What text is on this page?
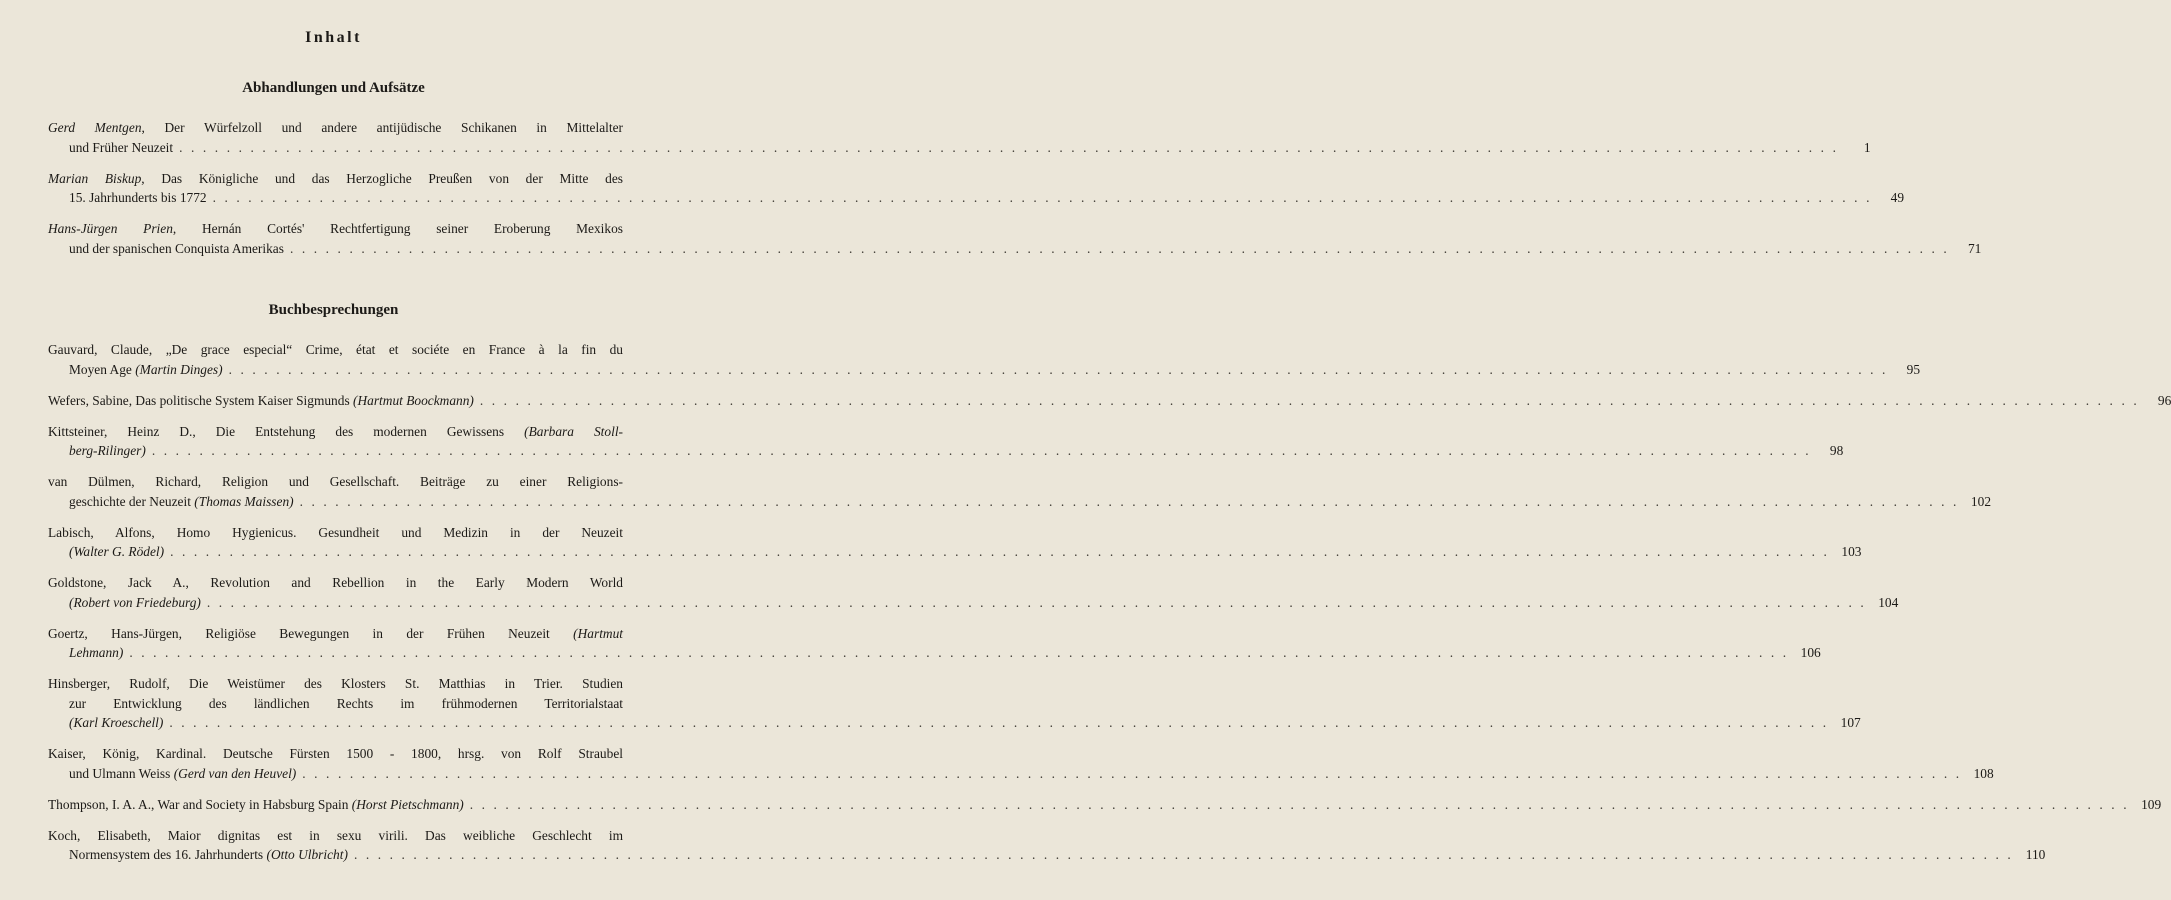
Inhalt
Abhandlungen und Aufsätze
Gerd Mentgen, Der Würfelzoll und andere antijüdische Schikanen in Mittelalter
und Früher Neuzeit . . . . . . . . . . . . . . . . . . . . . . . . . . . . . . . . . . . . . . . . . . . . . . . . . . . . . . . . . . . . . . . . . . . . . . . . . . . . . . . . . . . . . . . . . . . . . . . . . . . . . . . . . . . . . . . . . . . . . . . . . . . . . . . . . . . . . . . . . . . .	1
Marian Biskup, Das Königliche und das Herzogliche Preußen von der Mitte des
15. Jahrhunderts bis 1772 . . . . . . . . . . . . . . . . . . . . . . . . . . . . . . . . . . . . . . . . . . . . . . . . . . . . . . . . . . . . . . . . . . . . . . . . . . . . . . . . . . . . . . . . . . . . . . . . . . . . . . . . . . . . . . . . . . . . . . . . . . . . . . . . . . . . . . . . . . . .	49
Hans-Jürgen Prien, Hernán Cortés' Rechtfertigung seiner Eroberung Mexikos
und der spanischen Conquista Amerikas . . . . . . . . . . . . . . . . . . . . . . . . . . . . . . . . . . . . . . . . . . . . . . . . . . . . . . . . . . . . . . . . . . . . . . . . . . . . . . . . . . . . . . . . . . . . . . . . . . . . . . . . . . . . . . . . . . . . . . . . . . . . . . . . . . . . . . . . . . . .	71
Buchbesprechungen
Gauvard, Claude, „De grace especial“ Crime, état et sociéte en France à la fin du
Moyen Age (Martin Dinges) . . . . . . . . . . . . . . . . . . . . . . . . . . . . . . . . . . . . . . . . . . . . . . . . . . . . . . . . . . . . . . . . . . . . . . . . . . . . . . . . . . . . . . . . . . . . . . . . . . . . . . . . . . . . . . . . . . . . . . . . . . . . . . . . . . . . . . . . . . . .	95
Wefers, Sabine, Das politische System Kaiser Sigmunds (Hartmut Boockmann) . . . . . . . . . . . . . . . . . . . . . . . . . . . . . . . . . . . . . . . . . . . . . . . . . . . . . . . . . . . . . . . . . . . . . . . . . . . . . . . . . . . . . . . . . . . . . . . . . . . . . . . . . . . . . . . . . . . . . . . . . . . . . . . . . . . . . . . . . . . .	96
Kittsteiner, Heinz D., Die Entstehung des modernen Gewissens (Barbara Stoll-
berg-Rilinger) . . . . . . . . . . . . . . . . . . . . . . . . . . . . . . . . . . . . . . . . . . . . . . . . . . . . . . . . . . . . . . . . . . . . . . . . . . . . . . . . . . . . . . . . . . . . . . . . . . . . . . . . . . . . . . . . . . . . . . . . . . . . . . . . . . . . . . . . . . . .	98
van Dülmen, Richard, Religion und Gesellschaft. Beiträge zu einer Religions-
geschichte der Neuzeit (Thomas Maissen) . . . . . . . . . . . . . . . . . . . . . . . . . . . . . . . . . . . . . . . . . . . . . . . . . . . . . . . . . . . . . . . . . . . . . . . . . . . . . . . . . . . . . . . . . . . . . . . . . . . . . . . . . . . . . . . . . . . . . . . . . . . . . . . . . . . . . . . . . . . . 102
Labisch, Alfons, Homo Hygienicus. Gesundheit und Medizin in der Neuzeit
(Walter G. Rödel) . . . . . . . . . . . . . . . . . . . . . . . . . . . . . . . . . . . . . . . . . . . . . . . . . . . . . . . . . . . . . . . . . . . . . . . . . . . . . . . . . . . . . . . . . . . . . . . . . . . . . . . . . . . . . . . . . . . . . . . . . . . . . . . . . . . . . . . . . . . . 103
Goldstone, Jack A., Revolution and Rebellion in the Early Modern World
(Robert von Friedeburg) . . . . . . . . . . . . . . . . . . . . . . . . . . . . . . . . . . . . . . . . . . . . . . . . . . . . . . . . . . . . . . . . . . . . . . . . . . . . . . . . . . . . . . . . . . . . . . . . . . . . . . . . . . . . . . . . . . . . . . . . . . . . . . . . . . . . . . . . . . . . 104
Goertz, Hans-Jürgen, Religiöse Bewegungen in der Frühen Neuzeit (Hartmut
Lehmann) . . . . . . . . . . . . . . . . . . . . . . . . . . . . . . . . . . . . . . . . . . . . . . . . . . . . . . . . . . . . . . . . . . . . . . . . . . . . . . . . . . . . . . . . . . . . . . . . . . . . . . . . . . . . . . . . . . . . . . . . . . . . . . . . . . . . . . . . . . . . 106
Hinsberger, Rudolf, Die Weistümer des Klosters St. Matthias in Trier. Studien
zur Entwicklung des ländlichen Rechts im frühmodernen Territorialstaat
(Karl Kroeschell) . . . . . . . . . . . . . . . . . . . . . . . . . . . . . . . . . . . . . . . . . . . . . . . . . . . . . . . . . . . . . . . . . . . . . . . . . . . . . . . . . . . . . . . . . . . . . . . . . . . . . . . . . . . . . . . . . . . . . . . . . . . . . . . . . . . . . . . . . . . . 107
Kaiser, König, Kardinal. Deutsche Fürsten 1500 - 1800, hrsg. von Rolf Straubel
und Ulmann Weiss (Gerd van den Heuvel) . . . . . . . . . . . . . . . . . . . . . . . . . . . . . . . . . . . . . . . . . . . . . . . . . . . . . . . . . . . . . . . . . . . . . . . . . . . . . . . . . . . . . . . . . . . . . . . . . . . . . . . . . . . . . . . . . . . . . . . . . . . . . . . . . . . . . . . . . . . . 108
Thompson, I. A. A., War and Society in Habsburg Spain (Horst Pietschmann) . . . . . . . . . . . . . . . . . . . . . . . . . . . . . . . . . . . . . . . . . . . . . . . . . . . . . . . . . . . . . . . . . . . . . . . . . . . . . . . . . . . . . . . . . . . . . . . . . . . . . . . . . . . . . . . . . . . . . . . . . . . . . . . . . . . . . . . . . . . . 109
Koch, Elisabeth, Maior dignitas est in sexu virili. Das weibliche Geschlecht im
Normensystem des 16. Jahrhunderts (Otto Ulbricht) . . . . . . . . . . . . . . . . . . . . . . . . . . . . . . . . . . . . . . . . . . . . . . . . . . . . . . . . . . . . . . . . . . . . . . . . . . . . . . . . . . . . . . . . . . . . . . . . . . . . . . . . . . . . . . . . . . . . . . . . . . . . . . . . . . . . . . . . . . . . 110
